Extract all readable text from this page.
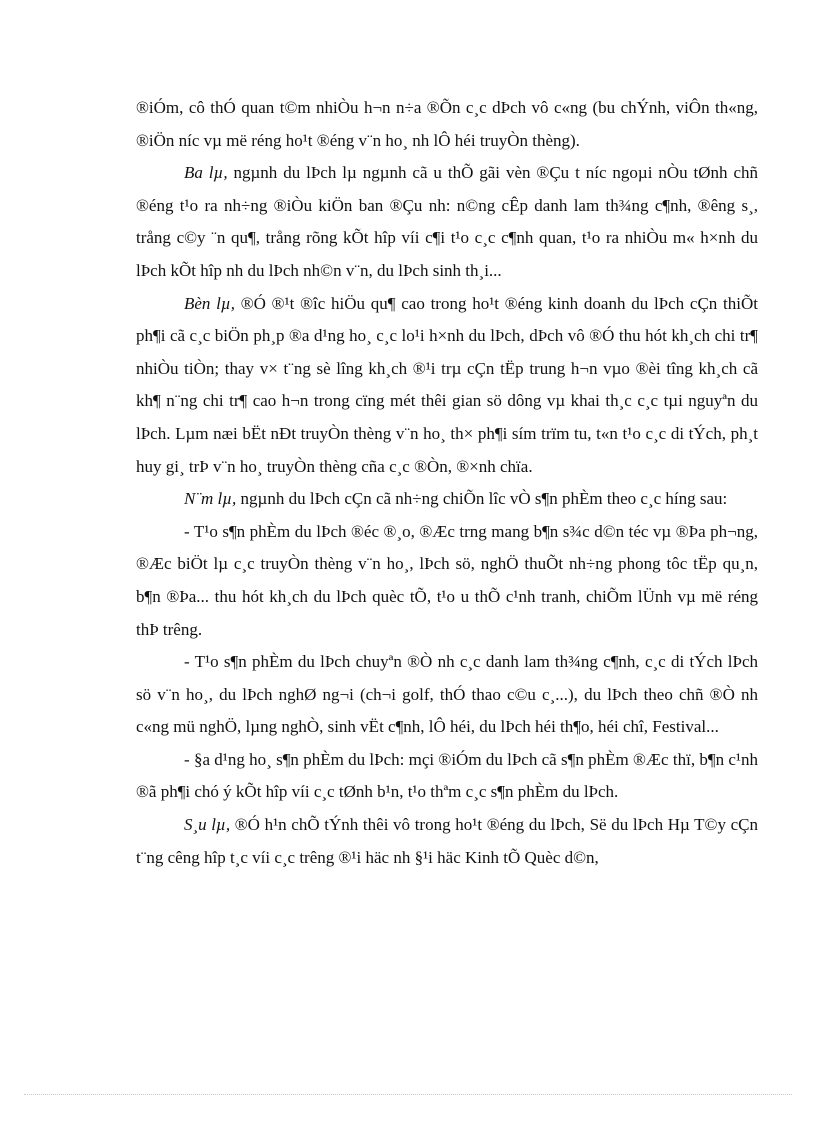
®iÓm, cô thÓ quan t©m nhiÒu h¬n n÷a ®Õn c¸c dÞch vô c«ng (bu chÝnh, viÔn th«ng, ®iÖn níc vµ më réng ho¹t ®éng v¨n ho¸ nh lÔ héi truyÒn thèng).

Ba lµ, ngµnh du lÞch lµ ngµnh cã u thÕ gãi vèn ®Çu t níc ngoµi nÒu tØnh chñ ®éng t¹o ra nh÷ng ®iÒu kiÖn ban ®Çu nh: n©ng cÊp danh lam th¾ng c¶nh, ®êng s¸, trång c©y ¨n qu¶, trång rõng kÕt hîp víi c¶i t¹o c¸c c¶nh quan, t¹o ra nhiÒu m« h×nh du lÞch kÕt hîp nh du lÞch nh©n v¨n, du lÞch sinh th¸i...

Bèn lµ, ®Ó ®¹t ®îc hiÖu qu¶ cao trong ho¹t ®éng kinh doanh du lÞch cÇn thiÕt ph¶i cã c¸c biÖn ph¸p ®a d¹ng ho¸ c¸c lo¹i h×nh du lÞch, dÞch vô ®Ó thu hót kh¸ch chi tr¶ nhiÒu tiÒn; thay v× t¨ng sè lîng kh¸ch ®¹i trµ cÇn tËp trung h¬n vµo ®èi tîng kh¸ch cã kh¶ n¨ng chi tr¶ cao h¬n trong cïng mét thêi gian sö dông vµ khai th¸c c¸c tµi nguyªn du lÞch. Lµm næi bËt nÐt truyÒn thèng v¨n ho¸ th× ph¶i sím trïm tu, t«n t¹o c¸c di tÝch, ph¸t huy gi¸ trÞ v¨n ho¸ truyÒn thèng cña c¸c ®Òn, ®×nh chïa.

N¨m lµ, ngµnh du lÞch cÇn cã nh÷ng chiÕn lîc vÒ s¶n phÈm theo c¸c híng sau:

- T¹o s¶n phÈm du lÞch ®éc ®¸o, ®Æc trng mang b¶n s¾c d©n téc vµ ®Þa ph¬ng, ®Æc biÖt lµ c¸c truyÒn thèng v¨n ho¸, lÞch sö, nghÖ thuÕt nh÷ng phong tôc tËp qu¸n, b¶n ®Þa... thu hót kh¸ch du lÞch quèc tÕ, t¹o u thÕ c¹nh tranh, chiÕm lÜnh vµ më réng thÞ trêng.

- T¹o s¶n phÈm du lÞch chuyªn ®Ò nh c¸c danh lam th¾ng c¶nh, c¸c di tÝch lÞch sö v¨n ho¸, du lÞch nghØ ng¬i (ch¬i golf, thÓ thao c©u c¸...), du lÞch theo chñ ®Ò nh c«ng mü nghÖ, lµng nghÒ, sinh vËt c¶nh, lÔ héi, du lÞch héi th¶o, héi chî, Festival...

- §a d¹ng ho¸ s¶n phÈm du lÞch: mçi ®iÓm du lÞch cã s¶n phÈm ®Æc thï, b¶n c¹nh ®ã ph¶i chó ý kÕt hîp víi c¸c tØnh b¹n, t¹o thªm c¸c s¶n phÈm du lÞch.

S¸u lµ, ®Ó h¹n chÕ tÝnh thêi vô trong ho¹t ®éng du lÞch, Së du lÞch Hµ T©y cÇn t¨ng cêng hîp t¸c víi c¸c trêng ®¹i häc nh §¹i häc Kinh tÕ Quèc d©n,
